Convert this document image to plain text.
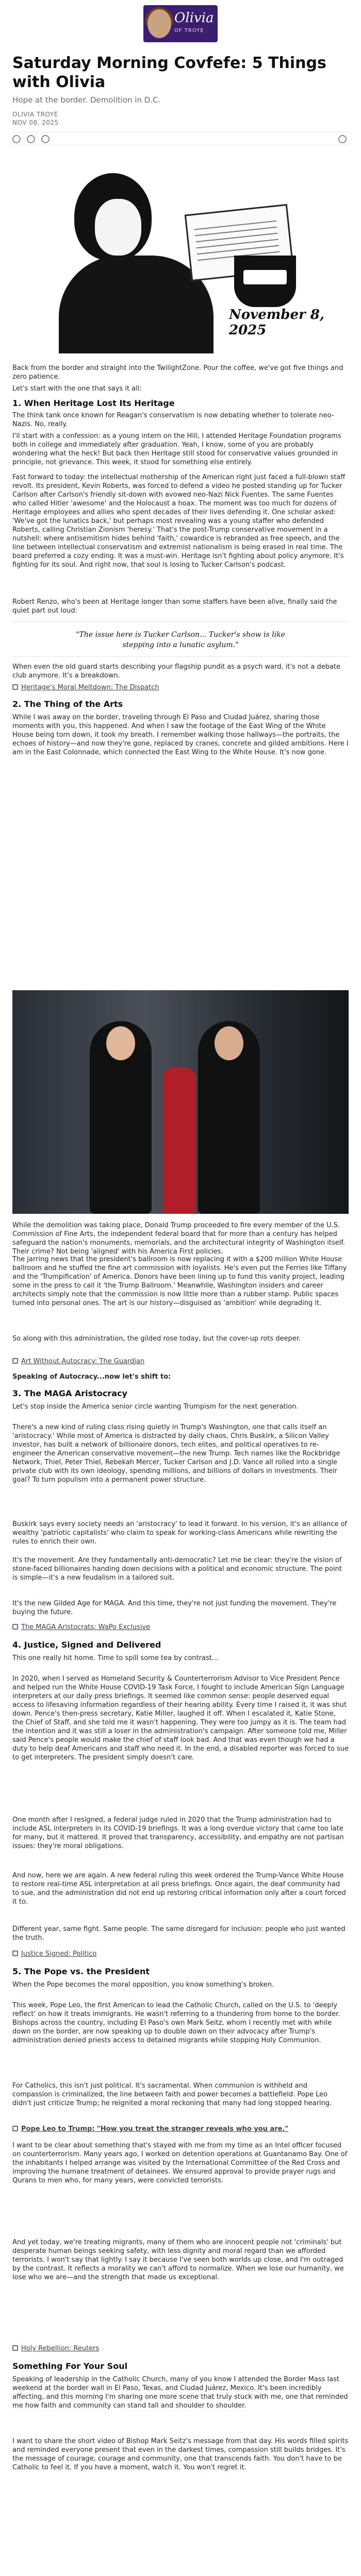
Olivia
OF TROYE
Saturday Morning Covfefe: 5 Things with Olivia
Hope at the border. Demolition in D.C.
OLIVIA TROYE
NOV 08, 2025
November 8, 2025

Back from the border and straight into the TwilightZone. Pour the coffee, we've got five things and zero patience.

Let's start with the one that says it all:

1. When Heritage Lost Its Heritage

The think tank once known for Reagan's conservatism is now debating whether to tolerate neo-Nazis. No, really.

I'll start with a confession: as a young intern on the Hill, I attended Heritage Foundation programs both in college and immediately after graduation. Yeah, I know, some of you are probably wondering what the heck! But back then Heritage still stood for conservative values grounded in principle, not grievance. This week, it stood for something else entirely.

Fast forward to today: the intellectual mothership of the American right just faced a full-blown staff revolt. Its president, Kevin Roberts, was forced to defend a video he posted standing up for Tucker Carlson after Carlson's friendly sit-down with avowed neo-Nazi Nick Fuentes. The same Fuentes who called Hitler 'awesome' and the Holocaust a hoax. The moment was too much for dozens of Heritage employees and allies who spent decades of their lives defending it. One scholar asked: 'We've got the lunatics back,' but perhaps most revealing was a young staffer who defended Roberts, calling Christian Zionism 'heresy.' That's the post-Trump conservative movement in a nutshell: where antisemitism hides behind 'faith,' cowardice is rebranded as free speech, and the line between intellectual conservatism and extremist nationalism is being erased in real time. The board preferred a cozy ending. It was a must-win. Heritage isn't fighting about policy anymore. It's fighting for its soul. And right now, that soul is losing to Tucker Carlson's podcast.

Robert Renzo, who's been at Heritage longer than some staffers have been alive, finally said the quiet part out loud:

"The issue here is Tucker Carlson... Tucker's show is like stepping into a lunatic asylum."

When even the old guard starts describing your flagship pundit as a psych ward, it's not a debate club anymore. It's a breakdown.

Heritage's Moral Meltdown: The Dispatch
2. The Thing of the Arts

While I was away on the border, traveling through El Paso and Ciudad Juárez, sharing those moments with you, this happened. And when I saw the footage of the East Wing of the White House being torn down, it took my breath. I remember walking those hallways—the portraits, the echoes of history—and now they're gone, replaced by cranes, concrete and gilded ambitions. Here I am in the East Colonnade, which connected the East Wing to the White House. It's now gone.

While the demolition was taking place, Donald Trump proceeded to fire every member of the U.S. Commission of Fine Arts, the independent federal board that for more than a century has helped safeguard the nation's monuments, memorials, and the architectural integrity of Washington itself. Their crime? Not being 'aligned' with his America First policies.

The jarring news that the president's ballroom is now replacing it with a $200 million White House ballroom and he stuffed the fine art commission with loyalists. He's even put the Ferries like Tiffany and the 'Trumpification' of America. Donors have been lining up to fund this vanity project, leading some in the press to call it 'the Trump Ballroom.' Meanwhile, Washington insiders and career architects simply note that the commission is now little more than a rubber stamp. Public spaces turned into personal ones. The art is our history—disguised as 'ambition' while degrading it.

So along with this administration, the gilded rose today, but the cover-up rots deeper.

Art Without Autocracy: The Guardian

Speaking of Autocracy...now let's shift to:

3. The MAGA Aristocracy

Let's stop inside the America senior circle wanting Trumpism for the next generation.

There's a new kind of ruling class rising quietly in Trump's Washington, one that calls itself an 'aristocracy.' While most of America is distracted by daily chaos, Chris Buskirk, a Silicon Valley investor, has built a network of billionaire donors, tech elites, and political operatives to re-engineer the American conservative movement—the new Trump. Tech names like the Rockbridge Network, Thiel, Peter Thiel, Rebekah Mercer, Tucker Carlson and J.D. Vance all rolled into a single private club with its own ideology, spending millions, and billions of dollars in investments. Their goal? To turn populism into a permanent power structure.

Buskirk says every society needs an 'aristocracy' to lead it forward. In his version, it's an alliance of wealthy 'patriotic capitalists' who claim to speak for working-class Americans while rewriting the rules to enrich their own.

It's the movement. Are they fundamentally anti-democratic? Let me be clear: they're the vision of stone-faced billionaires handing down decisions with a political and economic structure. The point is simple—it's a new feudalism in a tailored suit.

It's the new Gilded Age for MAGA. And this time, they're not just funding the movement. They're buying the future.

The MAGA Aristocrats: WaPo Exclusive
4. Justice, Signed and Delivered

This one really hit home. Time to spill some tea by contrast...

In 2020, when I served as Homeland Security & Counterterrorism Advisor to Vice President Pence and helped run the White House COVID-19 Task Force, I fought to include American Sign Language interpreters at our daily press briefings. It seemed like common sense: people deserved equal access to lifesaving information regardless of their hearing ability. Every time I raised it, it was shut down. Pence's then-press secretary, Katie Miller, laughed it off. When I escalated it, Katie Stone, the Chief of Staff, and she told me it wasn't happening. They were too jumpy as it is. The team had the intention and it was still a loser in the administration's campaign. After someone told me, Miller said Pence's people would make the chief of staff look bad. And that was even though we had a duty to help deaf Americans and staff who need it. In the end, a disabled reporter was forced to sue to get interpreters. The president simply doesn't care.

One month after I resigned, a federal judge ruled in 2020 that the Trump administration had to include ASL interpreters in its COVID-19 briefings. It was a long overdue victory that came too late for many, but it mattered. It proved that transparency, accessibility, and empathy are not partisan issues: they're moral obligations.

And now, here we are again. A new federal ruling this week ordered the Trump-Vance White House to restore real-time ASL interpretation at all press briefings. Once again, the deaf community had to sue, and the administration did not end up restoring critical information only after a court forced it to.

Different year, same fight. Same people. The same disregard for inclusion: people who just wanted the truth.

Justice Signed: Politico
5. The Pope vs. the President

When the Pope becomes the moral opposition, you know something's broken.

This week, Pope Leo, the first American to lead the Catholic Church, called on the U.S. to 'deeply reflect' on how it treats immigrants. He wasn't referring to a thundering from home to the border. Bishops across the country, including El Paso's own Mark Seitz, whom I recently met with while down on the border, are now speaking up to double down on their advocacy after Trump's administration denied priests access to detained migrants while stopping Holy Communion.

For Catholics, this isn't just political. It's sacramental. When communion is withheld and compassion is criminalized, the line between faith and power becomes a battlefield. Pope Leo didn't just criticize Trump; he reignited a moral reckoning that many had long stopped hearing.

Pope Leo to Trump: "How you treat the stranger reveals who you are."

I want to be clear about something that's stayed with me from my time as an Intel officer focused on counterterrorism. Many years ago, I worked on detention operations at Guantanamo Bay. One of the inhabitants I helped arrange was visited by the International Committee of the Red Cross and improving the humane treatment of detainees. We ensured approval to provide prayer rugs and Qurans to men who, for many years, were convicted terrorists.

And yet today, we're treating migrants, many of them who are innocent people not 'criminals' but desperate human beings seeking safety, with less dignity and moral regard than we afforded terrorists. I won't say that lightly. I say it because I've seen both worlds up close, and I'm outraged by the contrast. It reflects a morality we can't afford to normalize. When we lose our humanity, we lose who we are—and the strength that made us exceptional.

Holy Rebellion: Reuters
Something For Your Soul

Speaking of leadership in the Catholic Church, many of you know I attended the Border Mass last weekend at the border wall in El Paso, Texas, and Ciudad Juárez, Mexico. It's been incredibly affecting, and this morning I'm sharing one more scene that truly stuck with me, one that reminded me how faith and community can stand tall and shoulder to shoulder.

I want to share the short video of Bishop Mark Seitz's message from that day. His words filled spirits and reminded everyone present that even in the darkest times, compassion still builds bridges. It's the message of courage, courage and community, one that transcends faith. You don't have to be Catholic to feel it. If you have a moment, watch it. You won't regret it.
